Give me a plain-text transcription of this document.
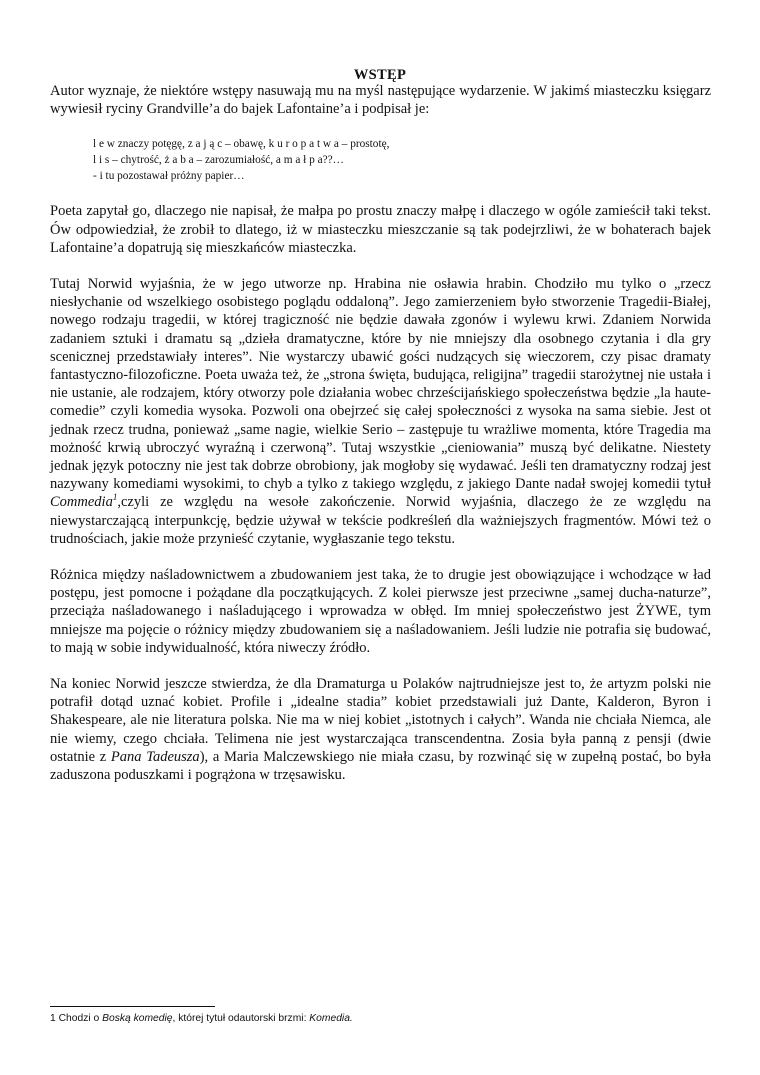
WSTĘP

Autor wyznaje, że niektóre wstępy nasuwają mu na myśl następujące wydarzenie. W jakimś miasteczku księgarz wywiesił ryciny Grandville’a do bajek Lafontaine’a i podpisał je:

l e w znaczy potęgę, z a j ą c – obawę, k u r o p a t w a – prostotę,
l i s – chytrość, ż a b a – zarozumiałość, a m a ł p a??…
- i tu pozostawał próżny papier…

Poeta zapytał go, dlaczego nie napisał, że małpa po prostu znaczy małpę i dlaczego w ogóle zamieścił taki tekst. Ów odpowiedział, że zrobił to dlatego, iż w miasteczku mieszczanie są tak podejrzliwi, że w bohaterach bajek Lafontaine’a dopatrują się mieszkańców miasteczka.

Tutaj Norwid wyjaśnia, że w jego utworze np. Hrabina nie osławia hrabin. Chodziło mu tylko o „rzecz niesłychanie od wszelkiego osobistego poglądu oddaloną”. Jego zamierzeniem było stworzenie Tragedii-Białej, nowego rodzaju tragedii, w której tragiczność nie będzie dawała zgonów i wylewu krwi. Zdaniem Norwida zadaniem sztuki i dramatu są „dzieła dramatyczne, które by nie mniejszy dla osobnego czytania i dla gry scenicznej przedstawiały interes”. Nie wystarczy ubawić gości nudzących się wieczorem, czy pisac dramaty fantastyczno-filozoficzne. Poeta uważa też, że „strona święta, budująca, religijna” tragedii starożytnej nie ustała i nie ustanie, ale rodzajem, który otworzy pole działania wobec chrześcijańskiego społeczeństwa będzie „la haute-comedie” czyli komedia wysoka. Pozwoli ona obejrzeć się całej społeczności z wysoka na sama siebie. Jest ot jednak rzecz trudna, ponieważ „same nagie, wielkie Serio – zastępuje tu wrażliwe momenta, które Tragedia ma możność krwią ubroczyć wyraźną i czerwoną”. Tutaj wszystkie „cieniowania” muszą być delikatne. Niestety jednak język potoczny nie jest tak dobrze obrobiony, jak mogłoby się wydawać. Jeśli ten dramatyczny rodzaj jest nazywany komediami wysokimi, to chyb a tylko z takiego względu, z jakiego Dante nadał swojej komedii tytuł Commedia$^1$,czyli ze względu na wesołe zakończenie. Norwid wyjaśnia, dlaczego że ze względu na niewystarczającą interpunkcję, będzie używał w tekście podkreśleń dla ważniejszych fragmentów. Mówi też o trudnościach, jakie może przynieść czytanie, wygłaszanie tego tekstu.

Różnica między naśladownictwem a zbudowaniem jest taka, że to drugie jest obowiązujące i wchodzące w ład postępu, jest pomocne i pożądane dla początkujących. Z kolei pierwsze jest przeciwne „samej ducha-naturze”, przeciąża naśladowanego i naśladującego i wprowadza w obłęd. Im mniej społeczeństwo jest ŻYWE, tym mniejsze ma pojęcie o różnicy między zbudowaniem się a naśladowaniem. Jeśli ludzie nie potrafia się budować, to mają w sobie indywidualność, która niweczy źródło.

Na koniec Norwid jeszcze stwierdza, że dla Dramaturga u Polaków najtrudniejsze jest to, że artyzm polski nie potrafił dotąd uznać kobiet. Profile i „idealne stadia” kobiet przedstawiali już Dante, Kalderon, Byron i Shakespeare, ale nie literatura polska. Nie ma w niej kobiet „istotnych i całych”. Wanda nie chciała Niemca, ale nie wiemy, czego chciała. Telimena nie jest wystarczająca transcendentna. Zosia była panną z pensji (dwie ostatnie z Pana Tadeusza), a Maria Malczewskiego nie miała czasu, by rozwinąć się w zupełną postać, bo była zaduszona poduszkami i pogrążona w trzęsawisku.

1 Chodzi o Boską komedię, której tytuł odautorski brzmi: Komedia.
